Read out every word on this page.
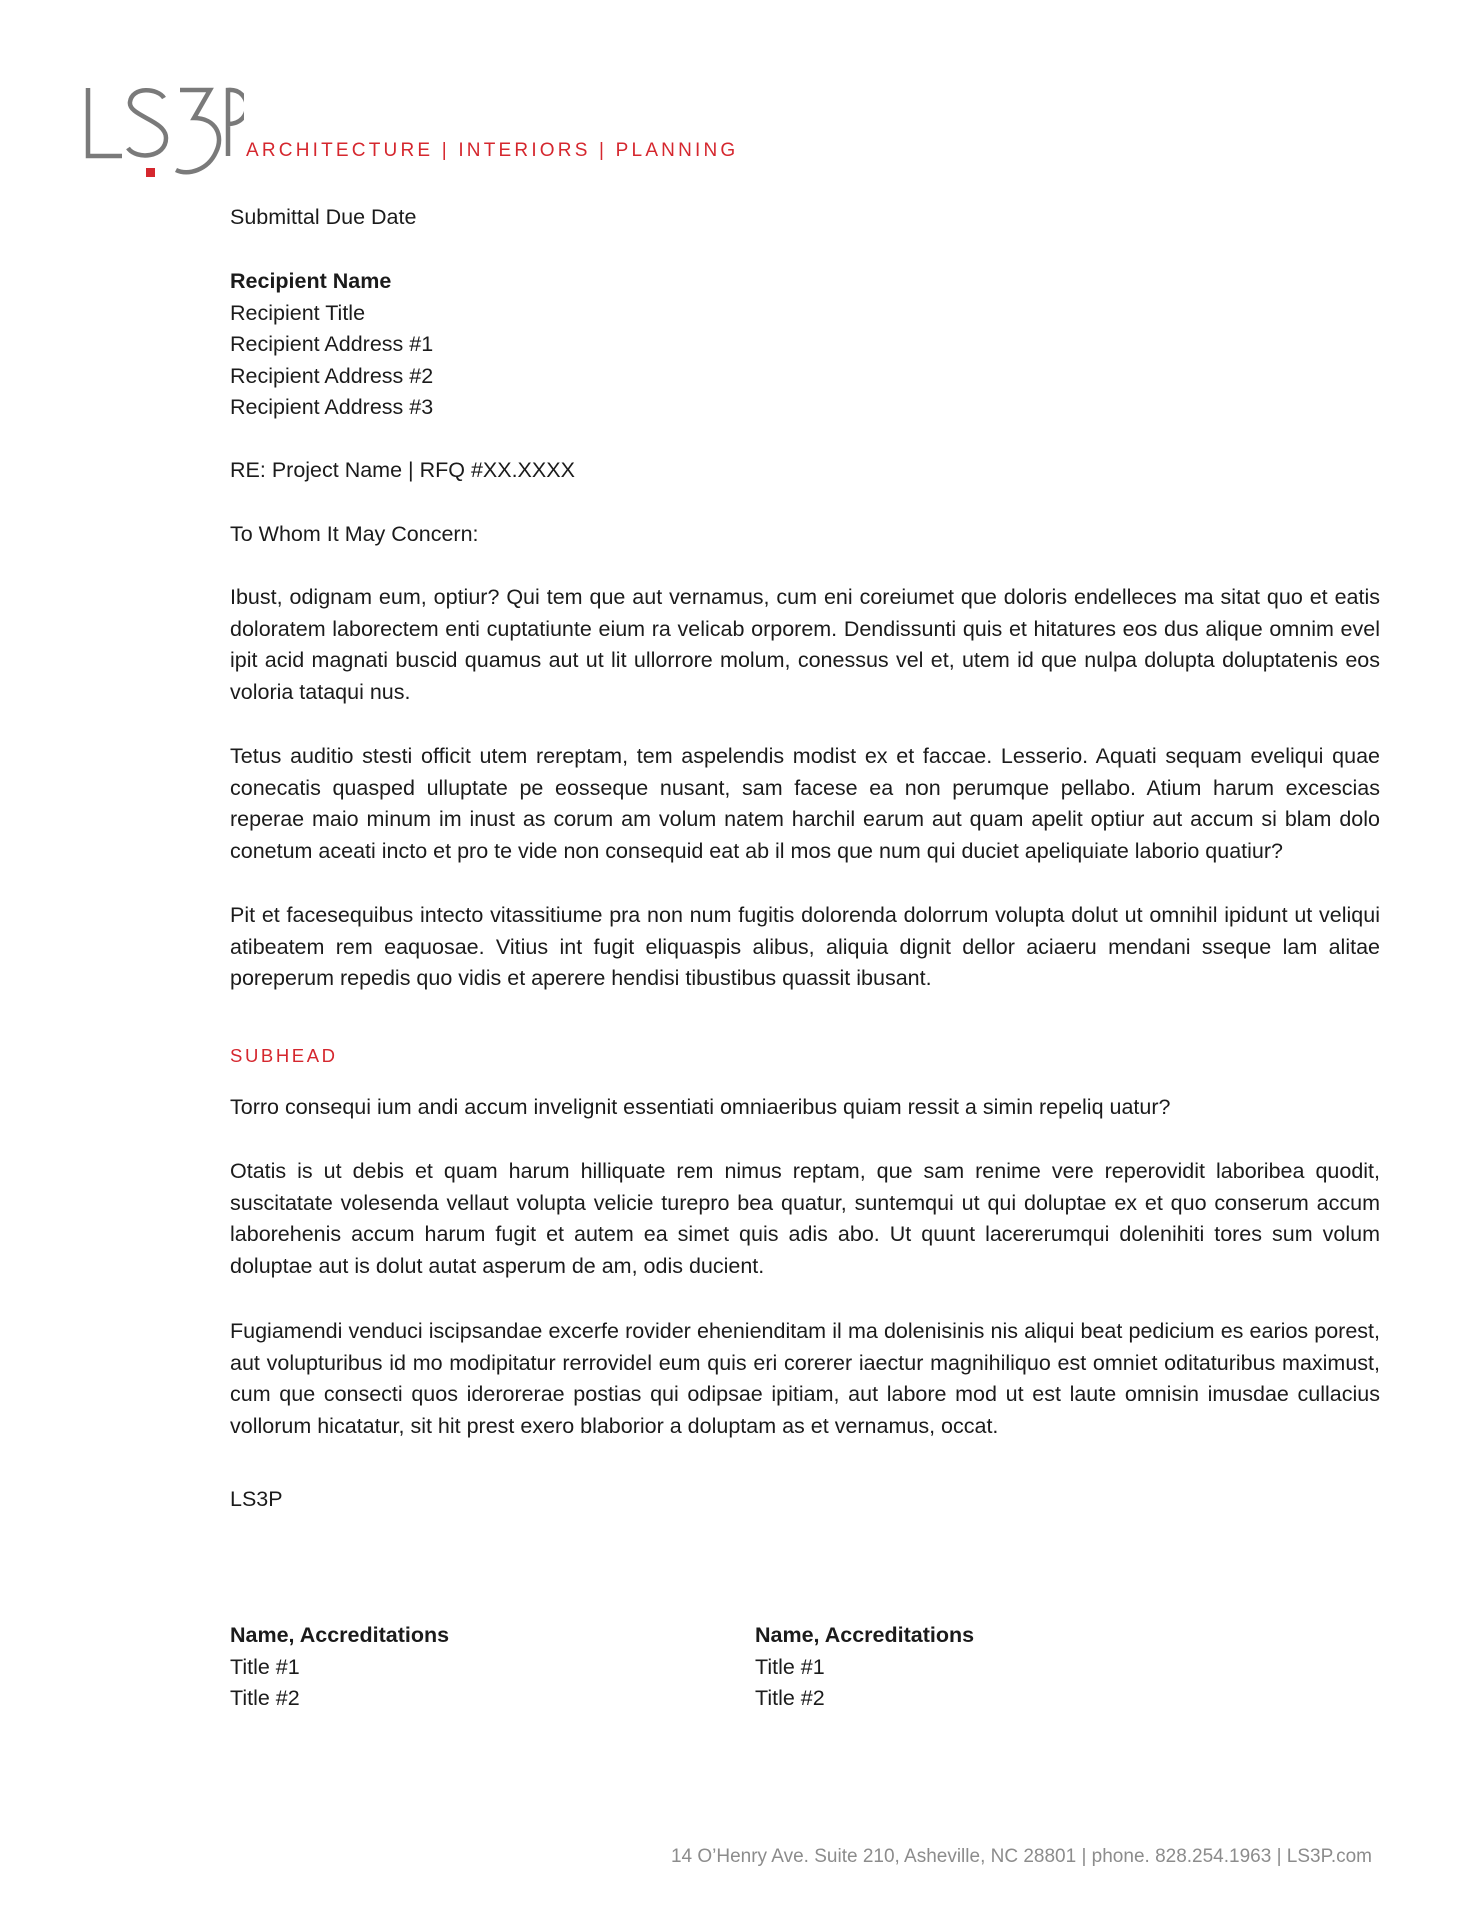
ARCHITECTURE | INTERIORS | PLANNING
Submittal Due Date
Recipient Name
Recipient Title
Recipient Address #1
Recipient Address #2
Recipient Address #3
RE: Project Name | RFQ #XX.XXXX
To Whom It May Concern:

Ibust, odignam eum, optiur? Qui tem que aut vernamus, cum eni coreiumet que doloris endelleces ma sitat quo et eatis doloratem laborectem enti cuptatiunte eium ra velicab orporem. Dendissunti quis et hitatures eos dus alique omnim evel ipit acid magnati buscid quamus aut ut lit ullorrore molum, conessus vel et, utem id que nulpa dolupta doluptatenis eos voloria tataqui nus.

Tetus auditio stesti officit utem rereptam, tem aspelendis modist ex et faccae. Lesserio. Aquati sequam eveliqui quae conecatis quasped ulluptate pe eosseque nusant, sam facese ea non perumque pellabo. Atium harum excescias reperae maio minum im inust as corum am volum natem harchil earum aut quam apelit optiur aut accum si blam dolo conetum aceati incto et pro te vide non consequid eat ab il mos que num qui duciet apeliquiate laborio quatiur?

Pit et facesequibus intecto vitassitiume pra non num fugitis dolorenda dolorrum volupta dolut ut omnihil ipidunt ut veliqui atibeatem rem eaquosae. Vitius int fugit eliquaspis alibus, aliquia dignit dellor aciaeru mendani sseque lam alitae poreperum repedis quo vidis et aperere hendisi tibustibus quassit ibusant.

SUBHEAD

Torro consequi ium andi accum invelignit essentiati omniaeribus quiam ressit a simin repeliq uatur?

Otatis is ut debis et quam harum hilliquate rem nimus reptam, que sam renime vere reperovidit laboribea quodit, suscitatate volesenda vellaut volupta velicie turepro bea quatur, suntemqui ut qui doluptae ex et quo conserum accum laborehenis accum harum fugit et autem ea simet quis adis abo. Ut quunt lacererumqui dolenihiti tores sum volum doluptae aut is dolut autat asperum de am, odis ducient.

Fugiamendi venduci iscipsandae excerfe rovider ehenienditam il ma dolenisinis nis aliqui beat pedicium es earios porest, aut volupturibus id mo modipitatur rerrovidel eum quis eri corerer iaectur magnihiliquo est omniet oditaturibus maximust, cum que consecti quos iderorerae postias qui odipsae ipitiam, aut labore mod ut est laute omnisin imusdae cullacius vollorum hicatatur, sit hit prest exero blaborior a doluptam as et vernamus, occat.

LS3P
Name, Accreditations
Title #1
Title #2
Name, Accreditations
Title #1
Title #2
14 O’Henry Ave. Suite 210, Asheville, NC 28801 | phone. 828.254.1963 | LS3P.com
